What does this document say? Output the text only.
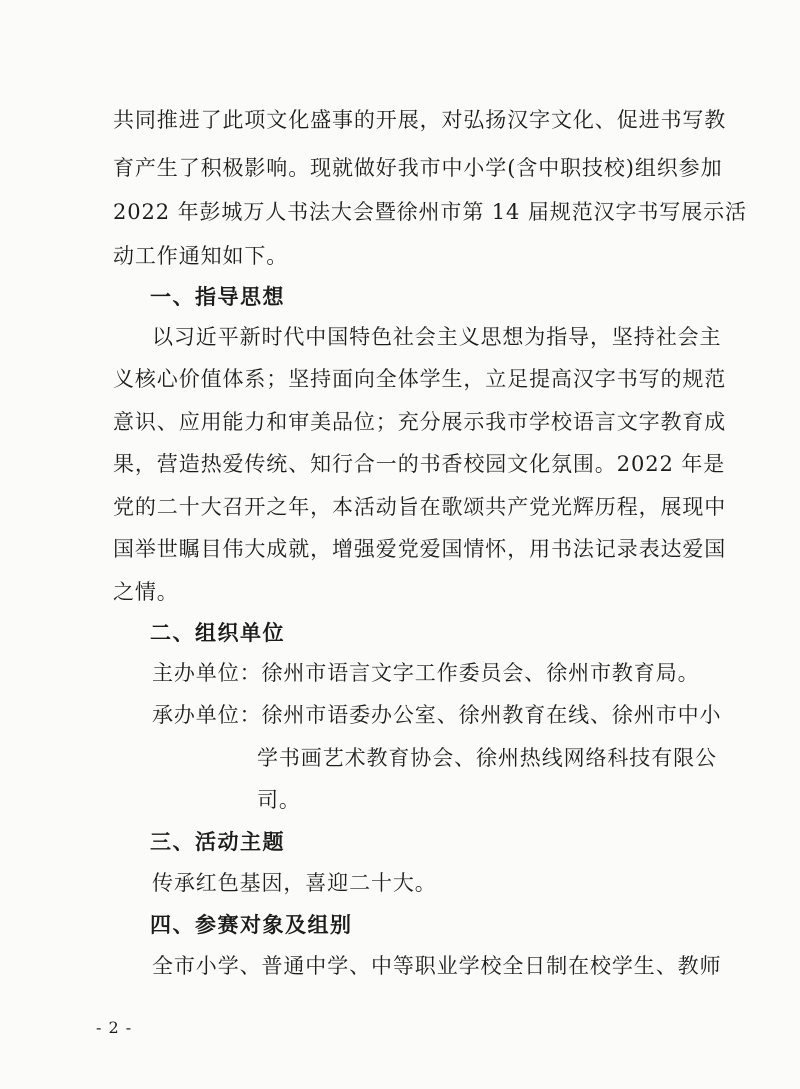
共同推进了此项文化盛事的开展，对弘扬汉字文化、促进书写教
育产生了积极影响。现就做好我市中小学(含中职技校)组织参加
2022 年彭城万人书法大会暨徐州市第 14 届规范汉字书写展示活
动工作通知如下。
一、指导思想
以习近平新时代中国特色社会主义思想为指导，坚持社会主
义核心价值体系；坚持面向全体学生，立足提高汉字书写的规范
意识、应用能力和审美品位；充分展示我市学校语言文字教育成
果，营造热爱传统、知行合一的书香校园文化氛围。2022 年是
党的二十大召开之年，本活动旨在歌颂共产党光辉历程，展现中
国举世瞩目伟大成就，增强爱党爱国情怀，用书法记录表达爱国
之情。
二、组织单位
主办单位：徐州市语言文字工作委员会、徐州市教育局。
承办单位：徐州市语委办公室、徐州教育在线、徐州市中小
学书画艺术教育协会、徐州热线网络科技有限公
司。
三、活动主题
传承红色基因，喜迎二十大。
四、参赛对象及组别
全市小学、普通中学、中等职业学校全日制在校学生、教师
- 2 -
